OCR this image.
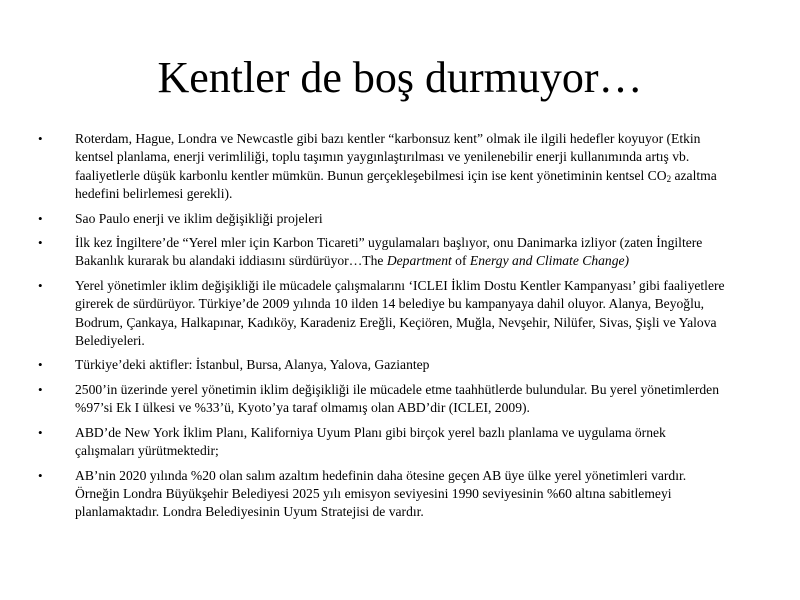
Kentler de boş durmuyor…
•	Roterdam, Hague, Londra ve Newcastle gibi bazı kentler “karbonsuz kent” olmak ile ilgili hedefler koyuyor (Etkin kentsel planlama, enerji verimliliği, toplu taşımın yaygınlaştırılması ve yenilenebilir enerji kullanımında artış vb. faaliyetlerle düşük karbonlu kentler mümkün. Bunun gerçekleşebilmesi için ise kent yönetiminin kentsel $CO_2$ azaltma hedefini belirlemesi gerekli).
•	Sao Paulo enerji ve iklim değişikliği projeleri
•	İlk kez İngiltere’de “Yerel mler için Karbon Ticareti” uygulamaları başlıyor, onu Danimarka izliyor (zaten İngiltere Bakanlık kurarak bu alandaki iddiasını sürdürüyor…The Department of Energy and Climate Change)
•	Yerel yönetimler iklim değişikliği ile mücadele çalışmalarını ‘ICLEI İklim Dostu Kentler Kampanyası’ gibi faaliyetlere girerek de sürdürüyor. Türkiye’de 2009 yılında 10 ilden 14 belediye bu kampanyaya dahil oluyor. Alanya, Beyoğlu, Bodrum, Çankaya, Halkapınar, Kadıköy, Karadeniz Ereğli, Keçiören, Muğla, Nevşehir, Nilüfer, Sivas, Şişli ve Yalova Belediyeleri.
•	Türkiye’deki aktifler: İstanbul, Bursa, Alanya, Yalova, Gaziantep
•	2500’in üzerinde yerel yönetimin iklim değişikliği ile mücadele etme taahhütlerde bulundular. Bu yerel yönetimlerden %97’si Ek I ülkesi ve %33’ü, Kyoto’ya taraf olmamış olan ABD’dir (ICLEI, 2009).
•	ABD’de New York İklim Planı, Kaliforniya Uyum Planı gibi birçok yerel bazlı planlama ve uygulama örnek çalışmaları yürütmektedir;
•	AB’nin 2020 yılında %20 olan salım azaltım hedefinin daha ötesine geçen AB üye ülke yerel yönetimleri vardır. Örneğin Londra Büyükşehir Belediyesi 2025 yılı emisyon seviyesini 1990 seviyesinin %60 altına sabitlemeyi planlamaktadır. Londra Belediyesinin Uyum Stratejisi de vardır.
